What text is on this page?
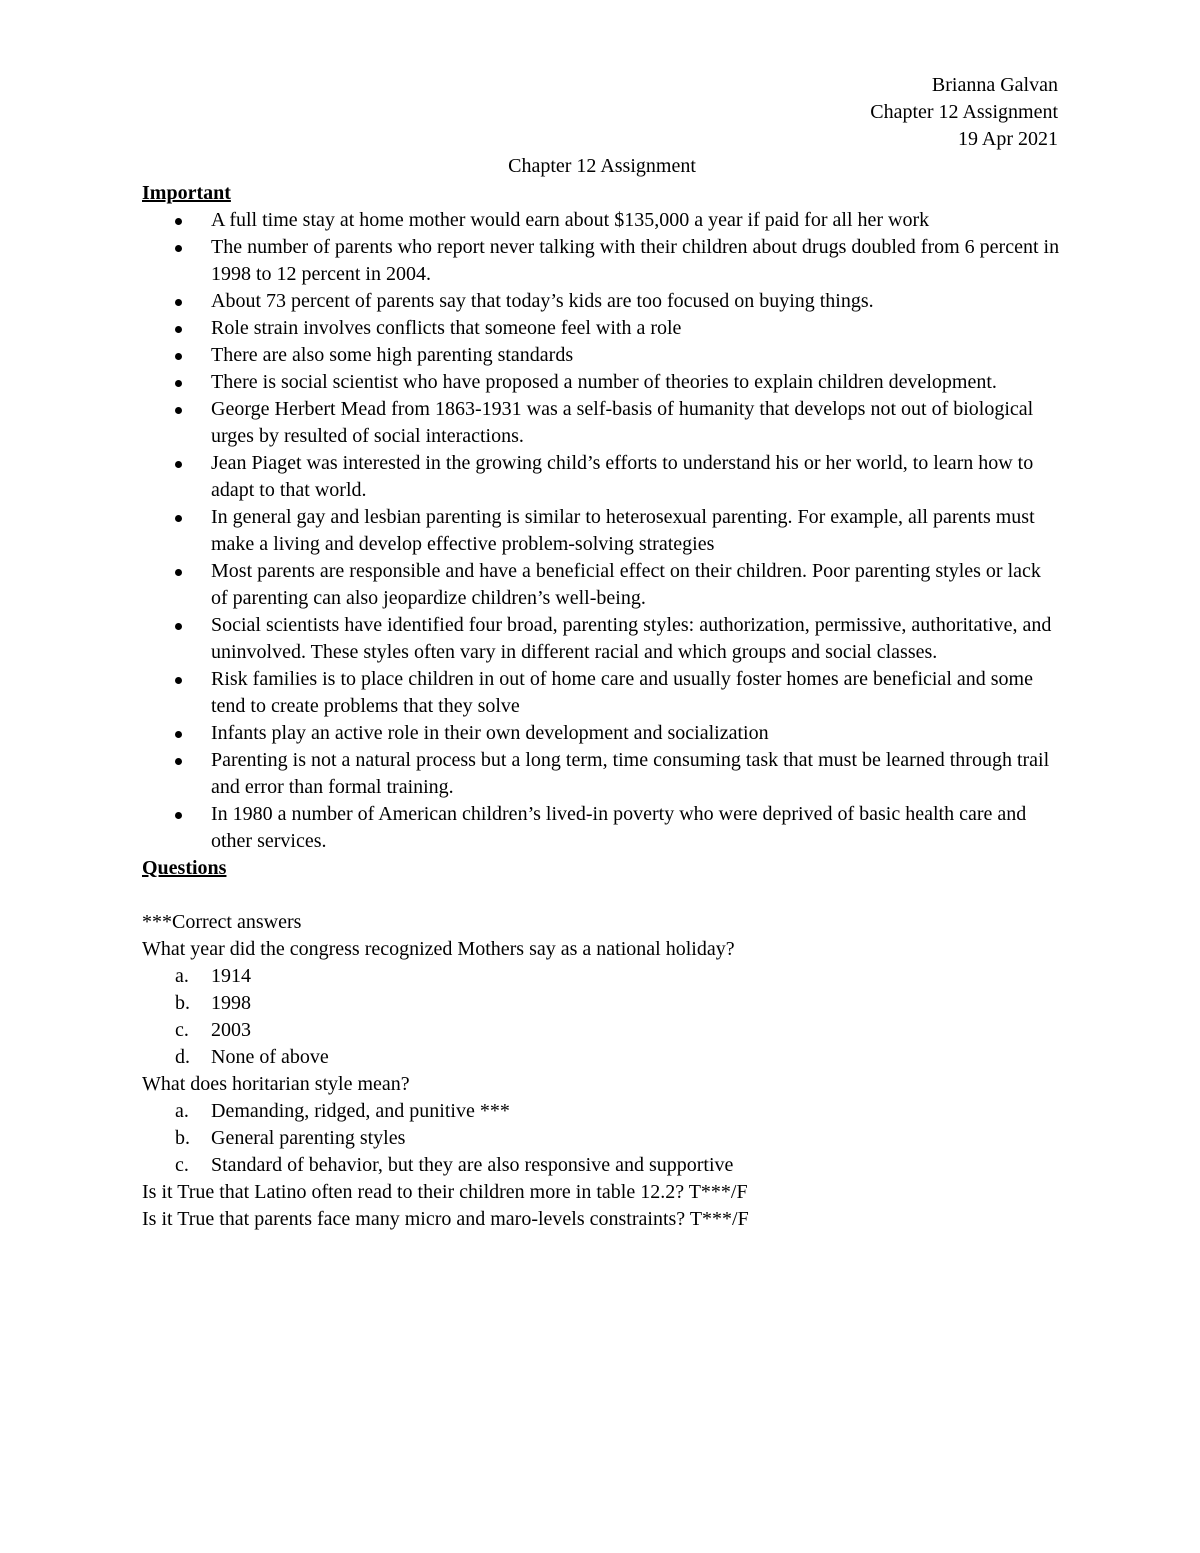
Brianna Galvan
Chapter 12 Assignment
19 Apr 2021
Chapter 12 Assignment
Important
A full time stay at home mother would earn about $135,000 a year if paid for all her work
The number of parents who report never talking with their children about drugs doubled from 6 percent in 1998 to 12 percent in 2004.
About 73 percent of parents say that today’s kids are too focused on buying things.
Role strain involves conflicts that someone feel with a role
There are also some high parenting standards
There is social scientist who have proposed a number of theories to explain children development.
George Herbert Mead from 1863-1931 was a self-basis of humanity that develops not out of biological urges by resulted of social interactions.
Jean Piaget was interested in the growing child’s efforts to understand his or her world, to learn how to adapt to that world.
In general gay and lesbian parenting is similar to heterosexual parenting. For example, all parents must make a living and develop effective problem-solving strategies
Most parents are responsible and have a beneficial effect on their children. Poor parenting styles or lack of parenting can also jeopardize children’s well-being.
Social scientists have identified four broad, parenting styles: authorization, permissive, authoritative, and uninvolved. These styles often vary in different racial and which groups and social classes.
Risk families is to place children in out of home care and usually foster homes are beneficial and some tend to create problems that they solve
Infants play an active role in their own development and socialization
Parenting is not a natural process but a long term, time consuming task that must be learned through trail and error than formal training.
In 1980 a number of American children’s lived-in poverty who were deprived of basic health care and other services.
Questions

***Correct answers

What year did the congress recognized Mothers say as a national holiday?

a. 1914
b. 1998
c. 2003
d. None of above

What does horitarian style mean?

a. Demanding, ridged, and punitive ***
b. General parenting styles
c. Standard of behavior, but they are also responsive and supportive

Is it True that Latino often read to their children more in table 12.2? T***/F

Is it True that parents face many micro and maro-levels constraints? T***/F
